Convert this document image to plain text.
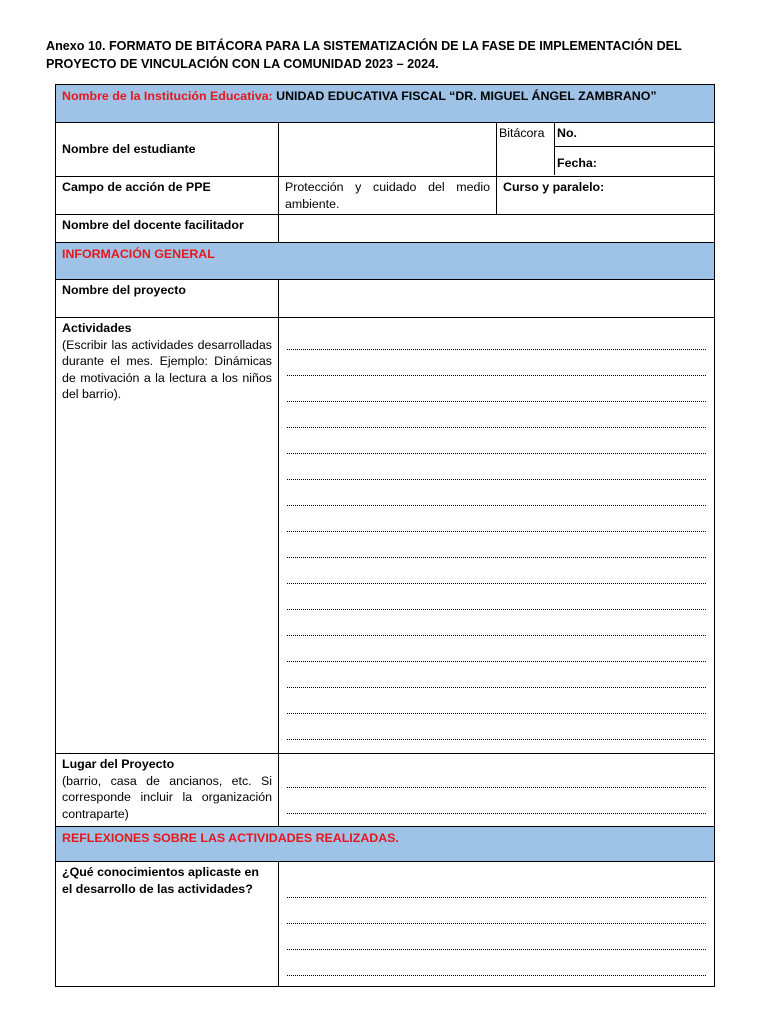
Anexo 10. FORMATO DE BITÁCORA PARA LA SISTEMATIZACIÓN DE LA FASE DE IMPLEMENTACIÓN DEL PROYECTO DE VINCULACIÓN CON LA COMUNIDAD 2023 – 2024.
Nombre de la Institución Educativa: UNIDAD EDUCATIVA FISCAL “DR. MIGUEL ÁNGEL ZAMBRANO”		
Nombre del estudiante		Bitácora No.
Fecha:

Campo de acción de PPE	Protección y cuidado del medio ambiente.	Curso y paralelo:
Nombre del docente facilitador		
INFORMACIÓN GENERAL		
Nombre del proyecto		

Actividades
(Escribir las actividades desarrolladas durante el mes. Ejemplo: Dinámicas de motivación a la lectura a los niños del barrio).		

Lugar del Proyecto
(barrio, casa de ancianos, etc. Si corresponde incluir la organización contraparte)		

REFLEXIONES SOBRE LAS ACTIVIDADES REALIZADAS.		
¿Qué conocimientos aplicaste en el desarrollo de las actividades?		
